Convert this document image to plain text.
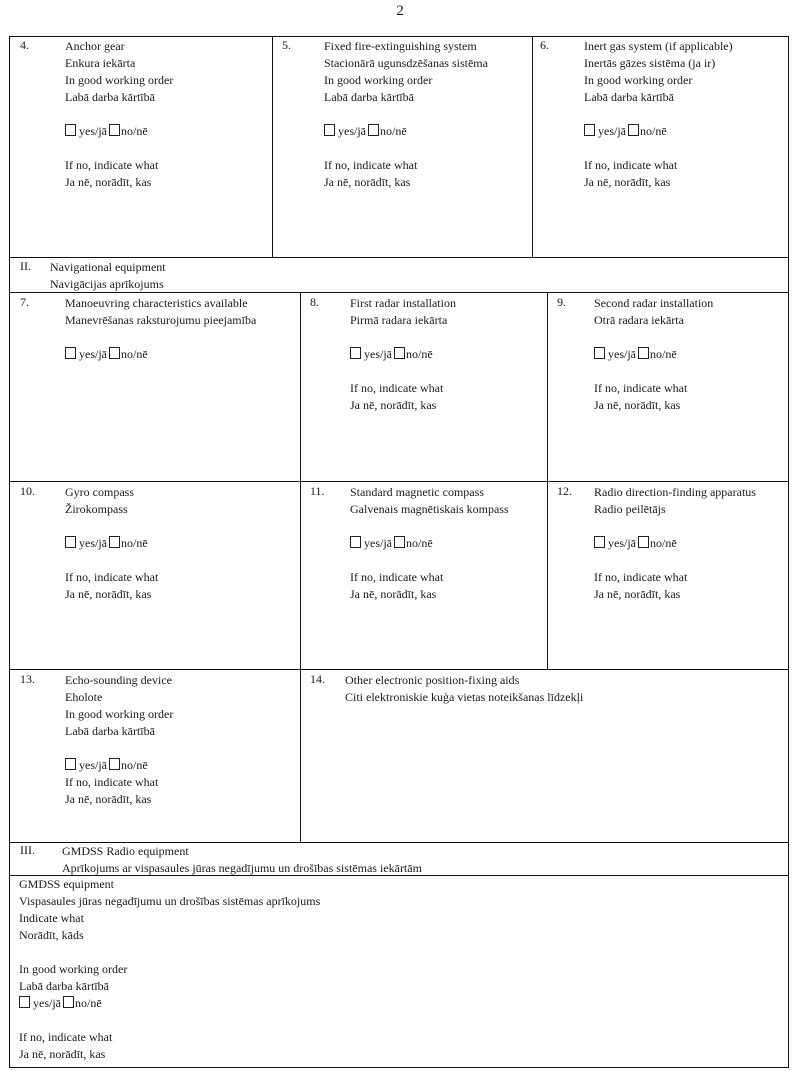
2
4.	Anchor gear
Enkura iekārta
In good working order
Labā darba kārtībā
yes/jā no/nē
If no, indicate what
Ja nē, norādīt, kas
5.	Fixed fire-extinguishing system
Stacionārā ugunsdzēšanas sistēma
In good working order
Labā darba kārtībā
yes/jā no/nē
If no, indicate what
Ja nē, norādīt, kas
6.	Inert gas system (if applicable)
Inertās gāzes sistēma (ja ir)
In good working order
Labā darba kārtībā
yes/jā no/nē
If no, indicate what
Ja nē, norādīt, kas
II. Navigational equipment
Navigācijas aprīkojums
7.	Manoeuvring characteristics available
Manevrēšanas raksturojumu pieejamība
yes/jā no/nē
8.	First radar installation
Pirmā radara iekārta
yes/jā no/nē
If no, indicate what
Ja nē, norādīt, kas
9. Second radar installation
Otrā radara iekārta
yes/jā no/nē
If no, indicate what
Ja nē, norādīt, kas
10.	Gyro compass
Žirokompass
yes/jā no/nē
If no, indicate what
Ja nē, norādīt, kas
11. Standard magnetic compass
Galvenais magnētiskais kompass
yes/jā no/nē
If no, indicate what
Ja nē, norādīt, kas
12. Radio direction-finding apparatus
Radio peilētājs
yes/jā no/nē
If no, indicate what
Ja nē, norādīt, kas
13.	Echo-sounding device
Eholote
In good working order
Labā darba kārtībā
yes/jā no/nē
If no, indicate what
Ja nē, norādīt, kas
14. Other electronic position-fixing aids
Citi elektroniskie kuģa vietas noteikšanas līdzekļi
III. GMDSS Radio equipment
Aprīkojums ar vispasaules jūras negadījumu un drošības sistēmas iekārtām
GMDSS equipment
Vispasaules jūras negadījumu un drošības sistēmas aprīkojums
Indicate what
Norādīt, kāds
In good working order
Labā darba kārtībā
yes/jā no/nē
If no, indicate what
Ja nē, norādīt, kas
